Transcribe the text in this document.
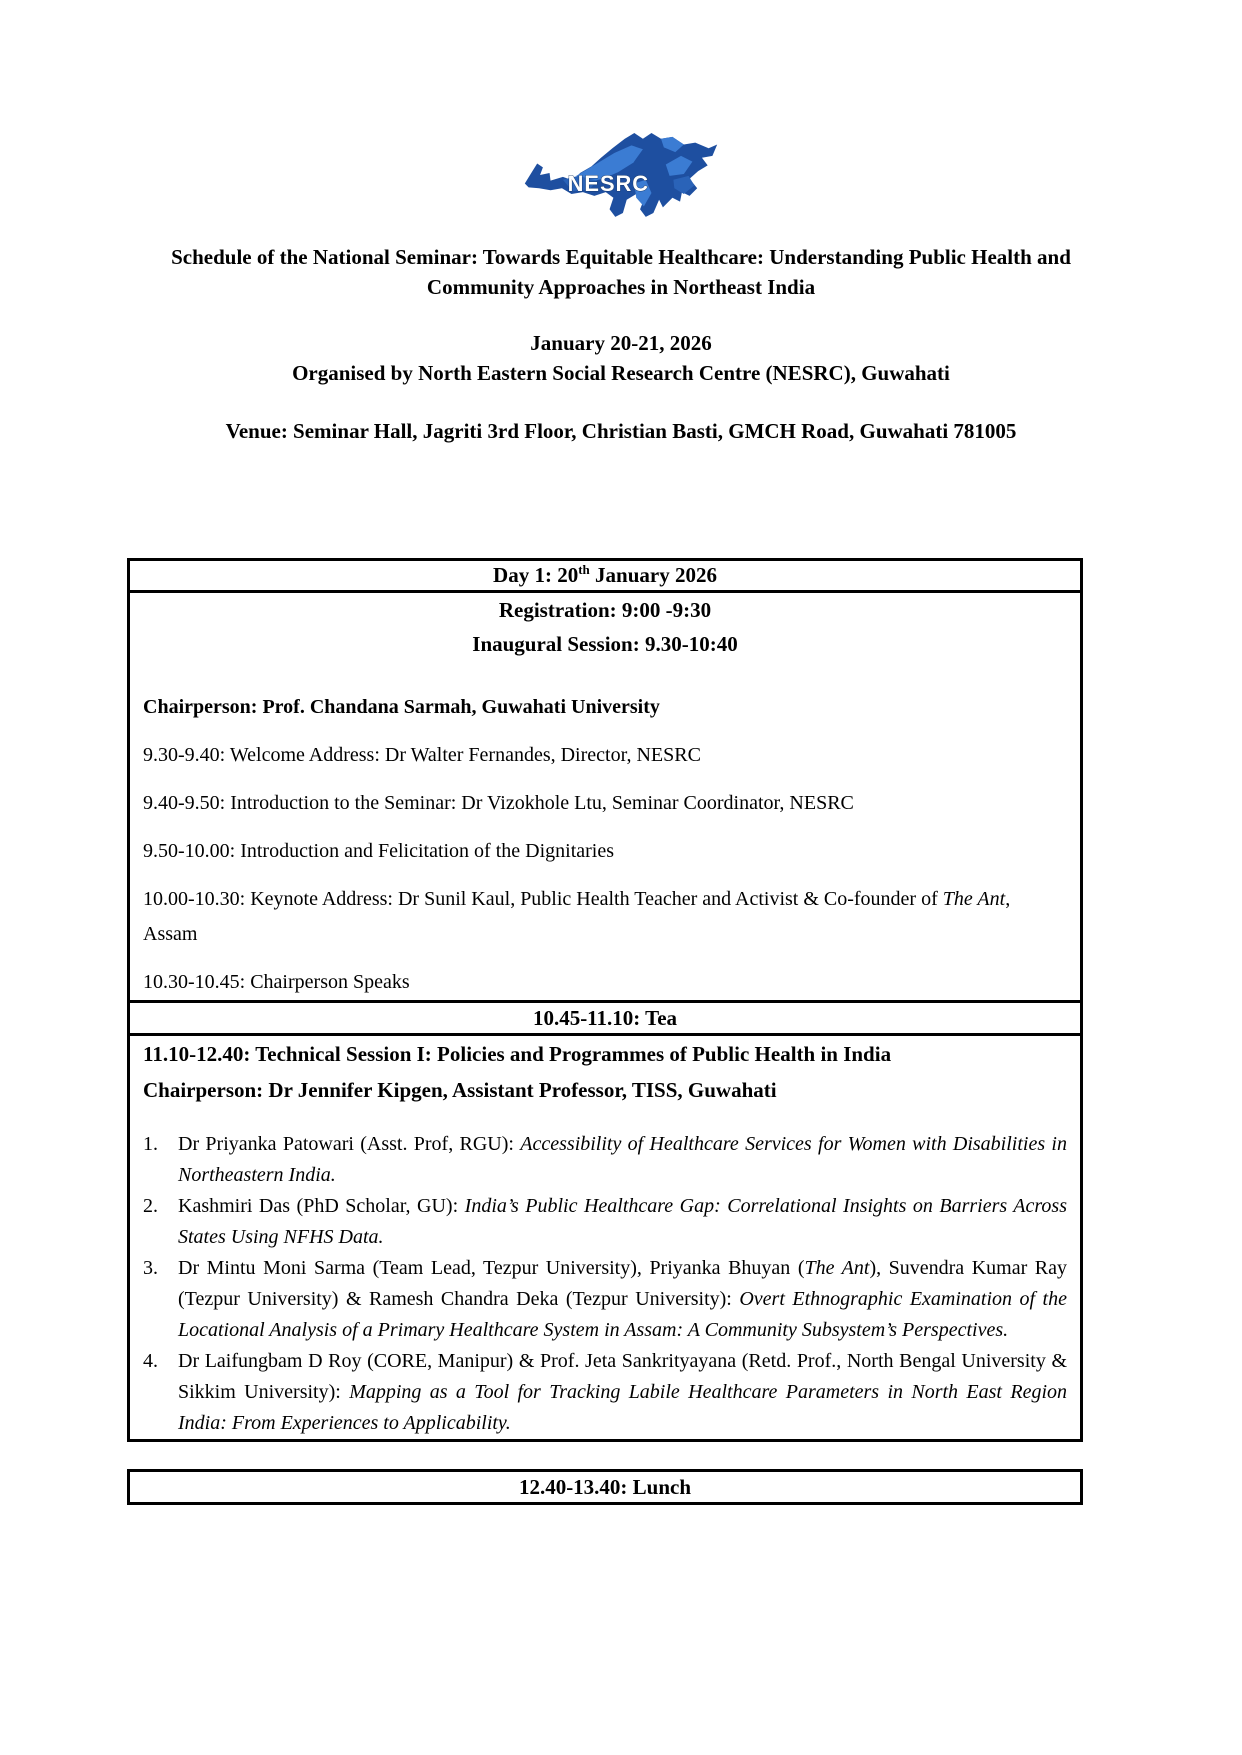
NESRC
Schedule of the National Seminar: Towards Equitable Healthcare: Understanding Public Health and Community Approaches in Northeast India
January 20-21, 2026
Organised by North Eastern Social Research Centre (NESRC), Guwahati
Venue: Seminar Hall, Jagriti 3rd Floor, Christian Basti, GMCH Road, Guwahati 781005
Day 1: 20th January 2026

Registration: 9:00 -9:30

Inaugural Session: 9.30-10:40

Chairperson: Prof. Chandana Sarmah, Guwahati University

9.30-9.40: Welcome Address: Dr Walter Fernandes, Director, NESRC

9.40-9.50: Introduction to the Seminar: Dr Vizokhole Ltu, Seminar Coordinator, NESRC

9.50-10.00: Introduction and Felicitation of the Dignitaries

10.00-10.30: Keynote Address: Dr Sunil Kaul, Public Health Teacher and Activist & Co-founder of The Ant, Assam

10.30-10.45: Chairperson Speaks

10.45-11.10: Tea

11.10-12.40: Technical Session I: Policies and Programmes of Public Health in India

Chairperson: Dr Jennifer Kipgen, Assistant Professor, TISS, Guwahati

1. Dr Priyanka Patowari (Asst. Prof, RGU): Accessibility of Healthcare Services for Women with Disabilities in Northeastern India.

2. Kashmiri Das (PhD Scholar, GU): India’s Public Healthcare Gap: Correlational Insights on Barriers Across States Using NFHS Data.

3. Dr Mintu Moni Sarma (Team Lead, Tezpur University), Priyanka Bhuyan (The Ant), Suvendra Kumar Ray (Tezpur University) & Ramesh Chandra Deka (Tezpur University): Overt Ethnographic Examination of the Locational Analysis of a Primary Healthcare System in Assam: A Community Subsystem’s Perspectives.

4. Dr Laifungbam D Roy (CORE, Manipur) & Prof. Jeta Sankrityayana (Retd. Prof., North Bengal University & Sikkim University): Mapping as a Tool for Tracking Labile Healthcare Parameters in North East Region India: From Experiences to Applicability.

12.40-13.40: Lunch
